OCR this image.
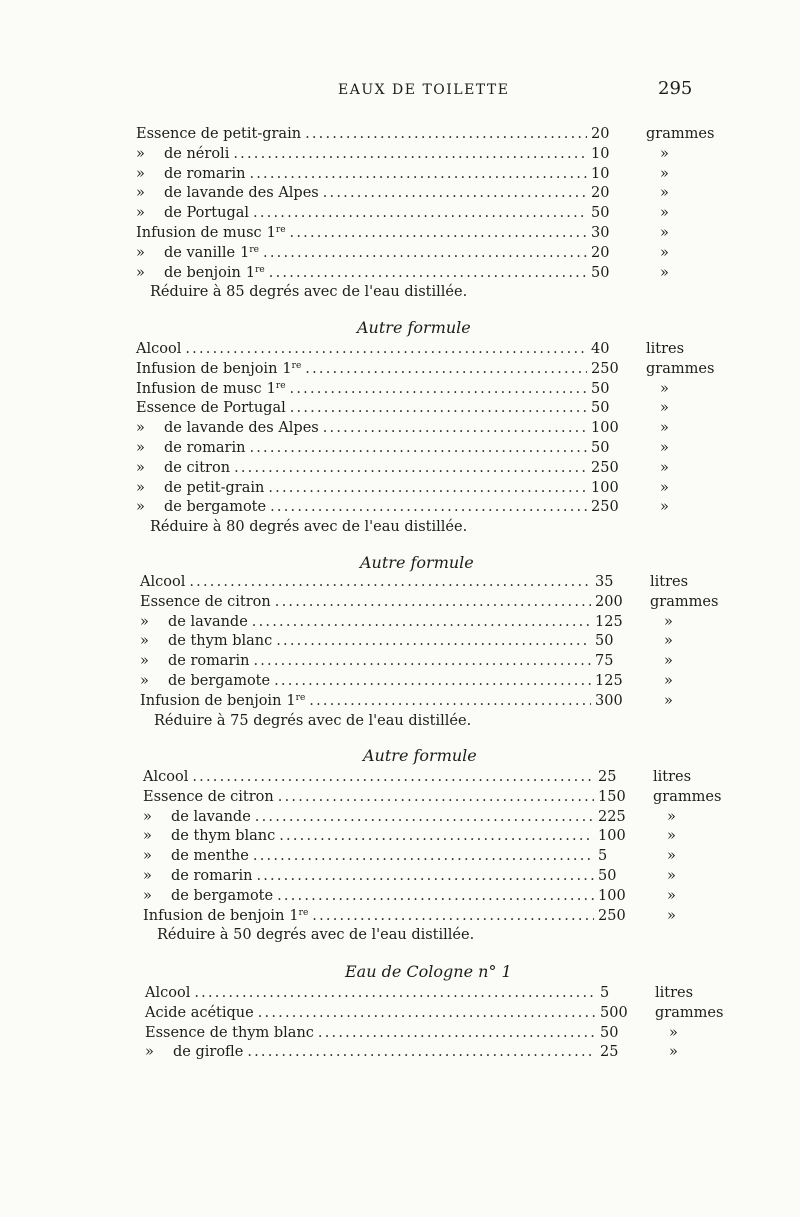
EAUX DE TOILETTE	295
Essence de petit-grain .....	20	grammes
» de néroli .....	10	»
» de romarin .....	10	»
» de lavande des Alpes .....	20	»
» de Portugal .....	50	»
Infusion de musc 1re .....	30	»
» de vanille 1re .....	20	»
» de benjoin 1re .....	50	»
Réduire à 85 degrés avec de l'eau distillée.
Autre formule
Alcool .....	40	litres
Infusion de benjoin 1re .....	250	grammes
Infusion de musc 1re .....	50	»
Essence de Portugal .....	50	»
» de lavande des Alpes .....	100	»
» de romarin .....	50	»
» de citron .....	250	»
» de petit-grain .....	100	»
» de bergamote .....	250	»
Réduire à 80 degrés avec de l'eau distillée.
Autre formule
Alcool .....	35	litres
Essence de citron .....	200	grammes
» de lavande .....	125	»
» de thym blanc .....	50	»
» de romarin .....	75	»
» de bergamote .....	125	»
Infusion de benjoin 1re .....	300	»
Réduire à 75 degrés avec de l'eau distillée.
Autre formule
Alcool .....	25	litres
Essence de citron .....	150	grammes
» de lavande .....	225	»
» de thym blanc .....	100	»
» de menthe .....	5	»
» de romarin .....	50	»
» de bergamote .....	100	»
Infusion de benjoin 1re .....	250	»
Réduire à 50 degrés avec de l'eau distillée.
Eau de Cologne n° 1
Alcool .....	5	litres
Acide acétique .....	500	grammes
Essence de thym blanc .....	50	»
» de girofle .....	25	»
